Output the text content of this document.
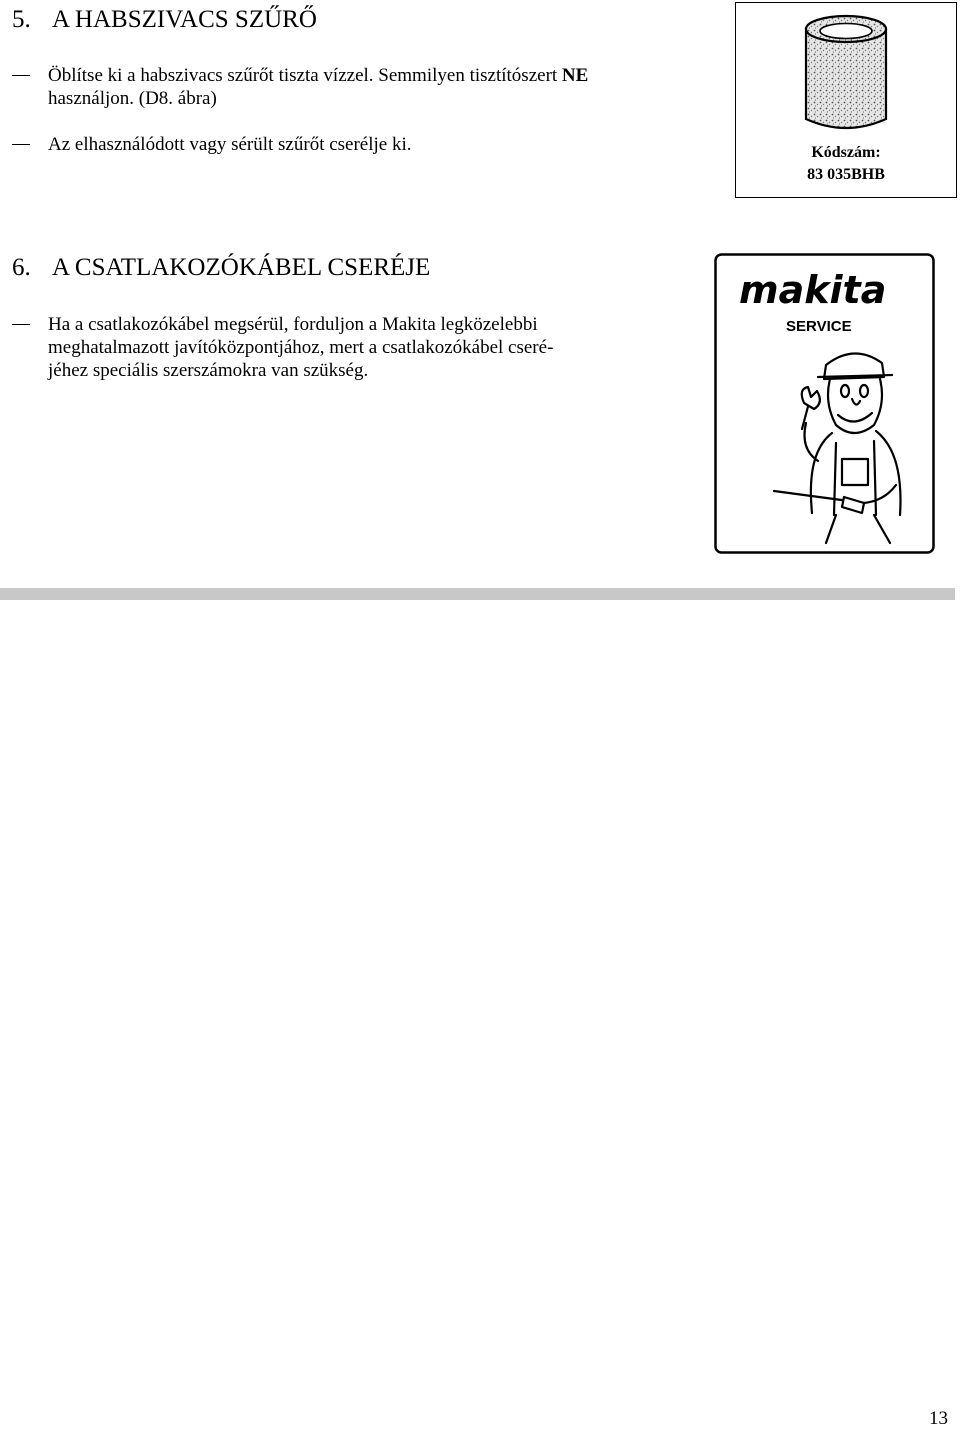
5. A HABSZIVACS SZŰRŐ
Öblítse ki a habszivacs szűrőt tiszta vízzel. Semmilyen tisztítószert NE
használjon. (D8. ábra)
Az elhasználódott vagy sérült szűrőt cserélje ki.	Kódszám:
83 035BHB
6. A CSATLAKOZÓKÁBEL CSERÉJE
Ha a csatlakozókábel megsérül, forduljon a Makita legközelebbi
meghatalmazott javítóközpontjához, mert a csatlakozókábel cseré-
jéhez speciális szerszámokra van szükség.
makita
SERVICE
13
